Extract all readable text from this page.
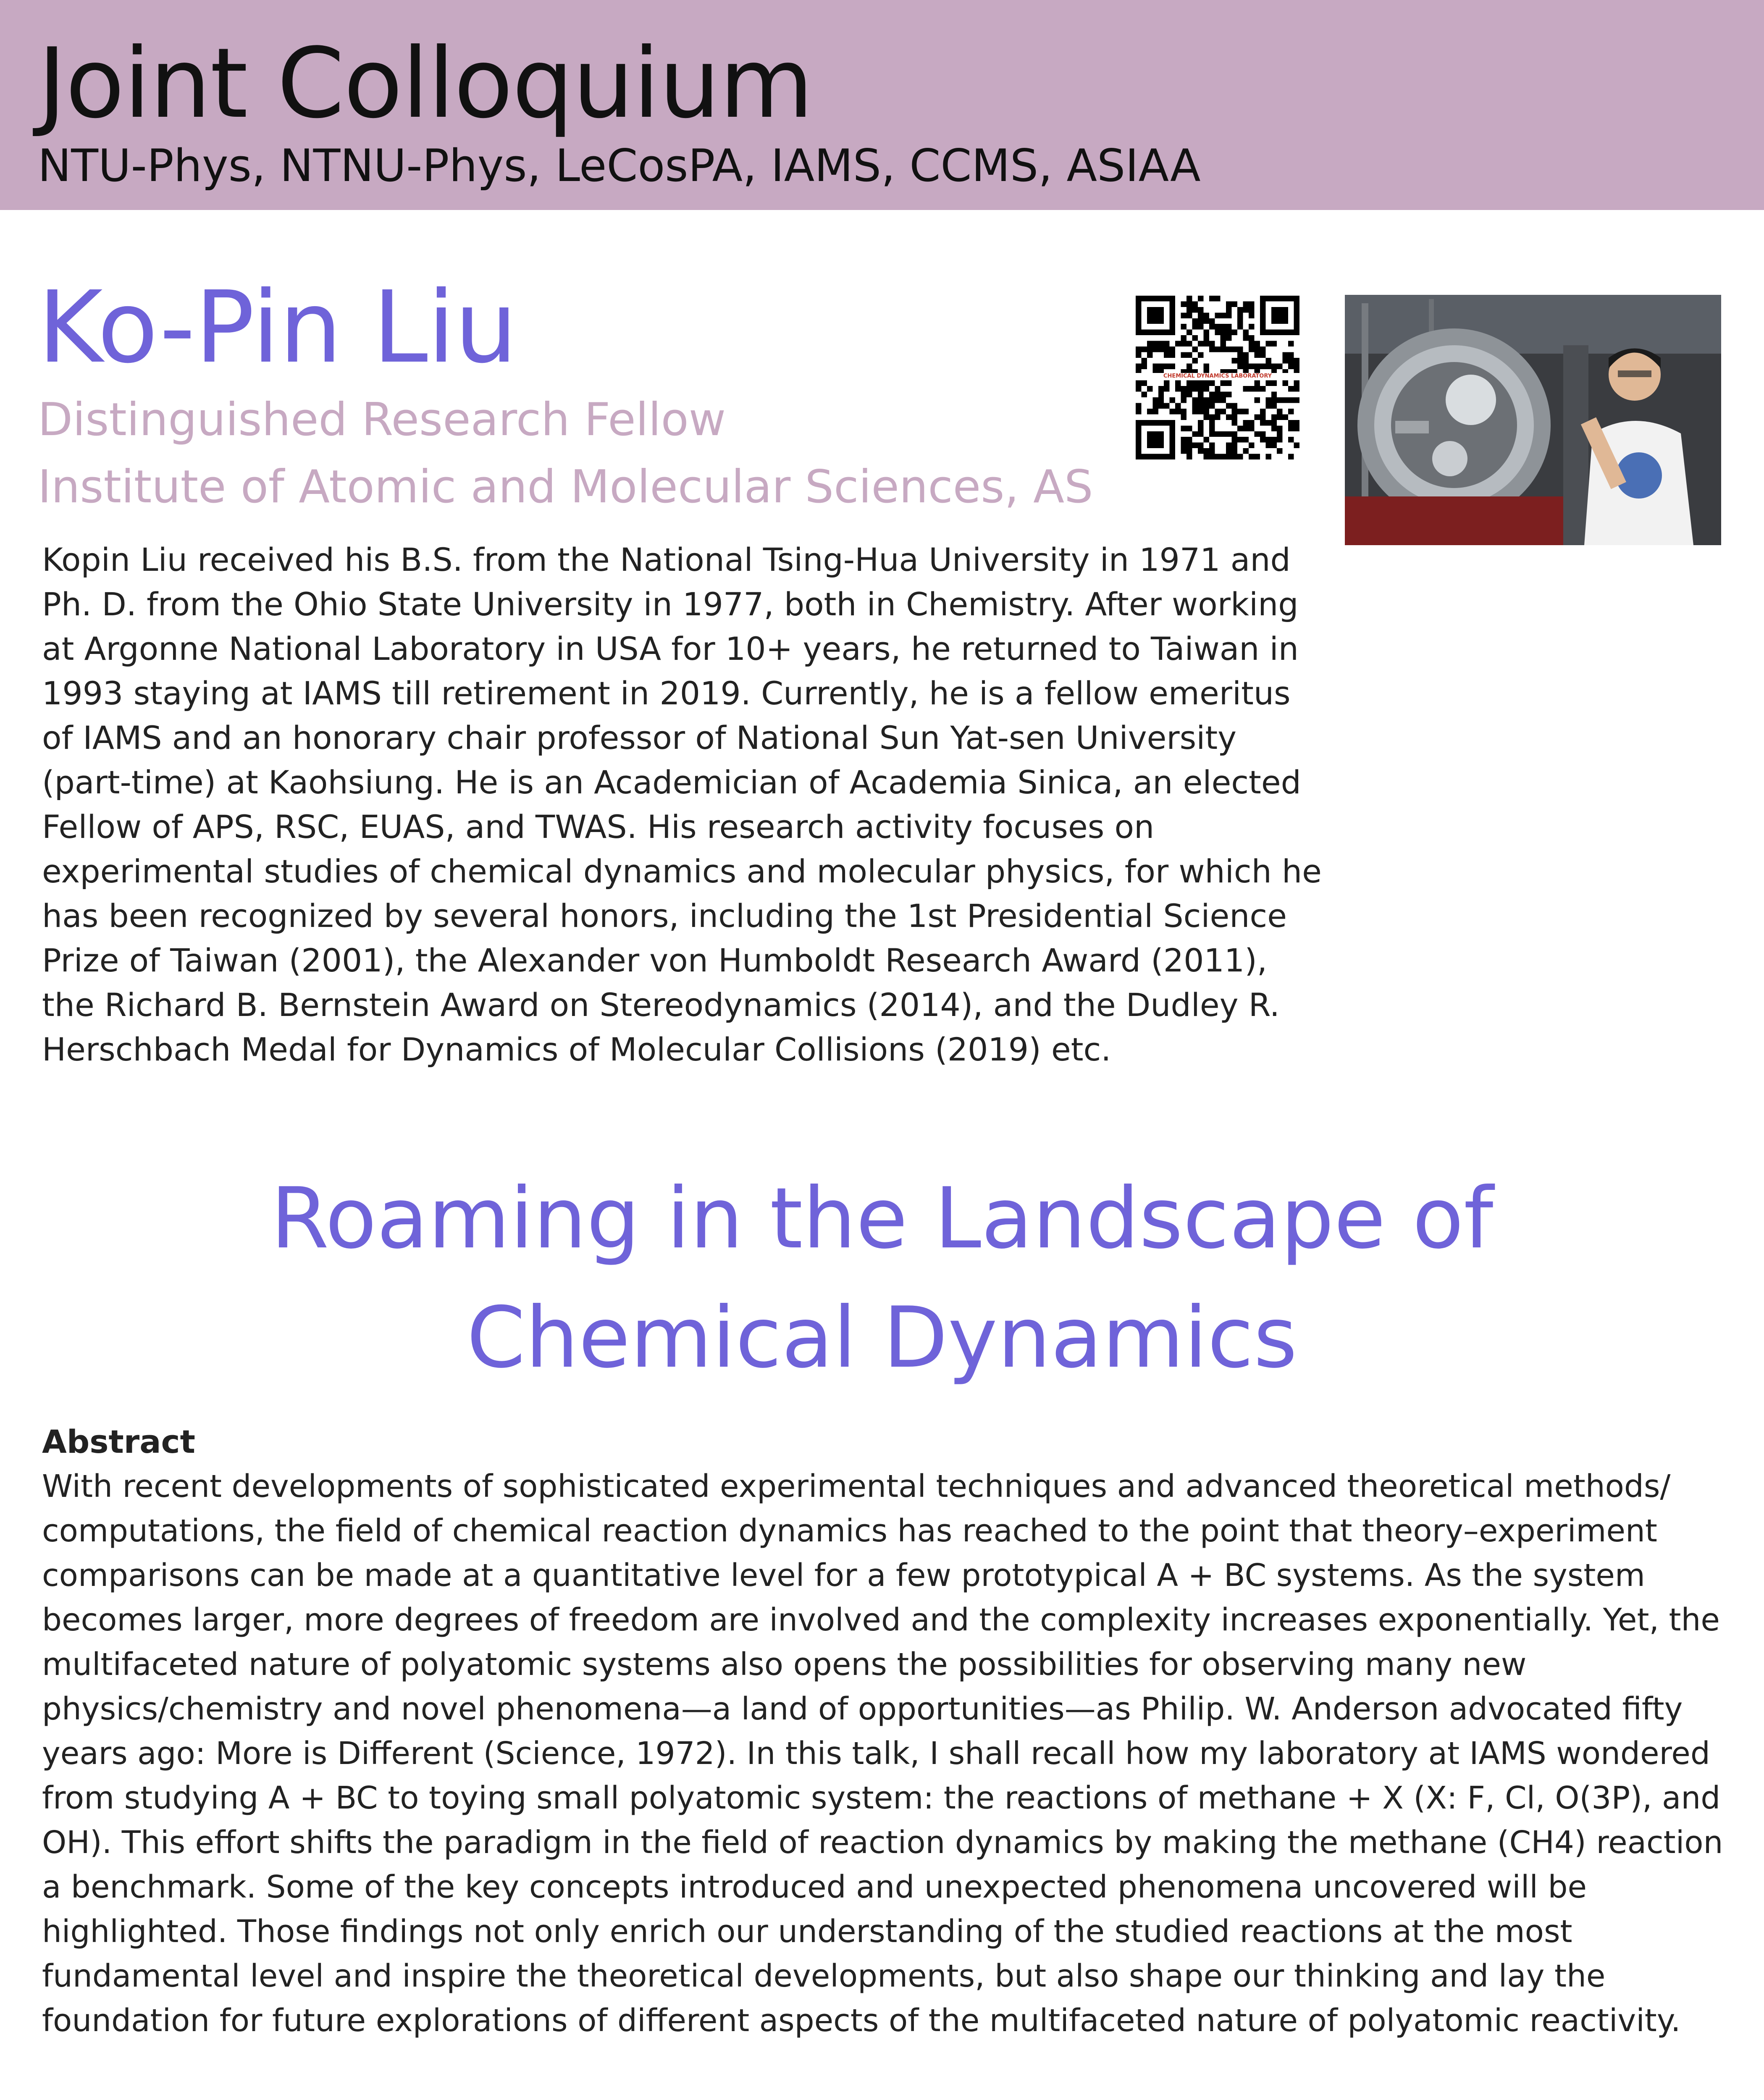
Joint Colloquium
NTU-Phys, NTNU-Phys, LeCosPA, IAMS, CCMS, ASIAA
Ko-Pin Liu
Distinguished Research Fellow
Institute of Atomic and Molecular Sciences, AS
CHEMICAL DYNAMICS LABORATORY

Kopin Liu received his B.S. from the National Tsing-Hua University in 1971 and Ph. D. from the Ohio State University in 1977, both in Chemistry. After working at Argonne National Laboratory in USA for 10+ years, he returned to Taiwan in 1993 staying at IAMS till retirement in 2019. Currently, he is a fellow emeritus of IAMS and an honorary chair professor of National Sun Yat-sen University (part-time) at Kaohsiung. He is an Academician of Academia Sinica, an elected Fellow of APS, RSC, EUAS, and TWAS. His research activity focuses on experimental studies of chemical dynamics and molecular physics, for which he has been recognized by several honors, including the 1st Presidential Science Prize of Taiwan (2001), the Alexander von Humboldt Research Award (2011), the Richard B. Bernstein Award on Stereodynamics (2014), and the Dudley R. Herschbach Medal for Dynamics of Molecular Collisions (2019) etc.

Roaming in the Landscape of
Chemical Dynamics
Abstract

With recent developments of sophisticated experimental techniques and advanced theoretical methods/ computations, the field of chemical reaction dynamics has reached to the point that theory–experiment comparisons can be made at a quantitative level for a few prototypical A + BC systems. As the system becomes larger, more degrees of freedom are involved and the complexity increases exponentially. Yet, the multifaceted nature of polyatomic systems also opens the possibilities for observing many new physics/chemistry and novel phenomena—a land of opportunities—as Philip. W. Anderson advocated fifty years ago: More is Different (Science, 1972). In this talk, I shall recall how my laboratory at IAMS wondered from studying A + BC to toying small polyatomic system: the reactions of methane + X (X: F, Cl, O(3P), and OH). This effort shifts the paradigm in the field of reaction dynamics by making the methane (CH4) reaction a benchmark. Some of the key concepts introduced and unexpected phenomena uncovered will be highlighted. Those findings not only enrich our understanding of the studied reactions at the most fundamental level and inspire the theoretical developments, but also shape our thinking and lay the foundation for future explorations of different aspects of the multifaceted nature of polyatomic reactivity.
